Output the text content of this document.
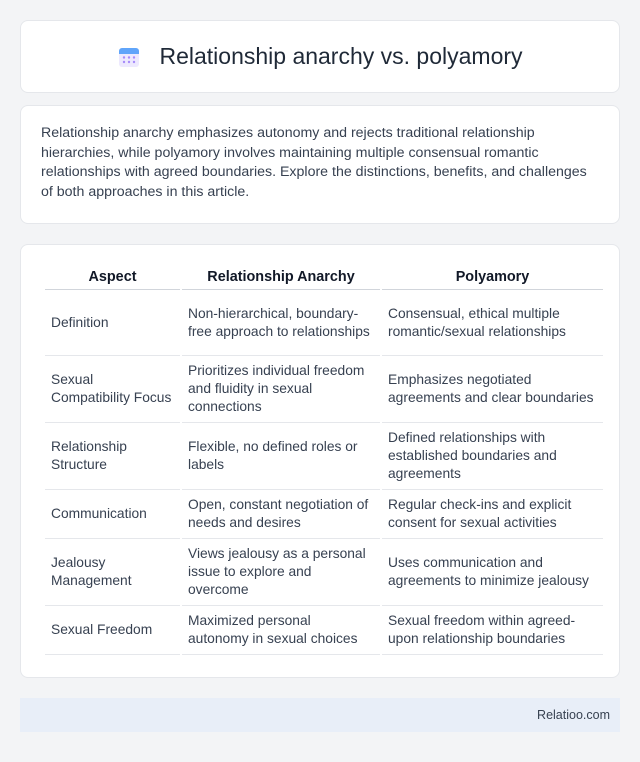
Relationship anarchy vs. polyamory

Relationship anarchy emphasizes autonomy and rejects traditional relationship hierarchies, while polyamory involves maintaining multiple consensual romantic relationships with agreed boundaries. Explore the distinctions, benefits, and challenges of both approaches in this article.

Aspect	Relationship Anarchy	Polyamory
Definition	Non-hierarchical, boundary-free approach to relationships	Consensual, ethical multiple romantic/sexual relationships
Sexual Compatibility Focus	Prioritizes individual freedom and fluidity in sexual connections	Emphasizes negotiated agreements and clear boundaries
Relationship Structure	Flexible, no defined roles or labels	Defined relationships with established boundaries and agreements
Communication	Open, constant negotiation of needs and desires	Regular check-ins and explicit consent for sexual activities
Jealousy Management	Views jealousy as a personal issue to explore and overcome	Uses communication and agreements to minimize jealousy
Sexual Freedom	Maximized personal autonomy in sexual choices	Sexual freedom within agreed-upon relationship boundaries
Relatioo.com
